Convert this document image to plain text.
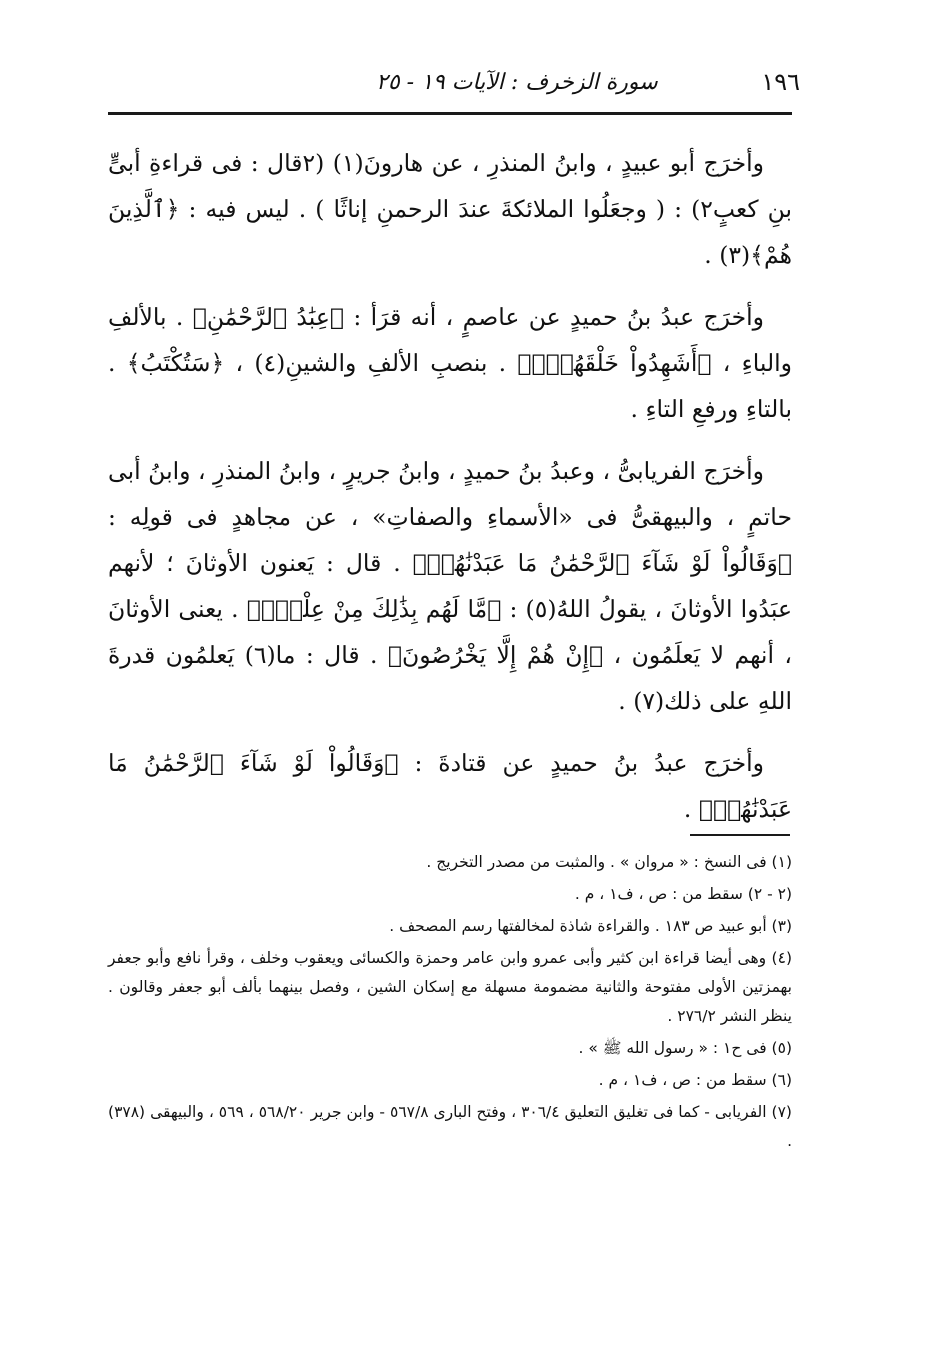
١٩٦
سورة الزخرف : الآيات ١٩ - ٢٥

وأخرَج أبو عبيدٍ ، وابنُ المنذرِ ، عن هارونَ(١) (٢قال : فى قراءةِ أبىٍّ بنِ كعبٍ٢) : ( وجعَلُوا الملائكةَ عندَ الرحمنِ إناثًا ) . ليس فيه : ﴿ٱلَّذِينَ هُمْ﴾(٣) .

وأخرَج عبدُ بنُ حميدٍ عن عاصمٍ ، أنه قرَأ : ﴿عِبَٰدُ ٱلرَّحْمَٰنِ﴾ . بالألفِ والباءِ ، ﴿أَشَهِدُواْ خَلْقَهُمْۚ﴾ . بنصبِ الألفِ والشينِ(٤) ، ﴿سَتُكْتَبُ﴾ . بالتاءِ ورفعِ التاءِ .

وأخرَج الفريابىُّ ، وعبدُ بنُ حميدٍ ، وابنُ جريرٍ ، وابنُ المنذرِ ، وابنُ أبى حاتمٍ ، والبيهقىُّ فى «الأسماءِ والصفاتِ» ، عن مجاهدٍ فى قولِه : ﴿وَقَالُواْ لَوْ شَآءَ ٱلرَّحْمَٰنُ مَا عَبَدْنَٰهُمۗ﴾ . قال : يَعنون الأوثانَ ؛ لأنهم عبَدُوا الأوثانَ ، يقولُ اللهُ(٥) : ﴿مَّا لَهُم بِذَٰلِكَ مِنْ عِلْمٍۖ﴾ . يعنى الأوثانَ ، أنهم لا يَعلَمُون ، ﴿إِنْ هُمْ إِلَّا يَخْرُصُونَ﴾ . قال : ما(٦) يَعلمُون قدرةَ اللهِ على ذلك(٧) .

وأخرَج عبدُ بنُ حميدٍ عن قتادةَ : ﴿وَقَالُواْ لَوْ شَآءَ ٱلرَّحْمَٰنُ مَا عَبَدْنَٰهُمۗ﴾ .

(١) فى النسخ : « مروان » . والمثبت من مصدر التخريج .

(٢ - ٢) سقط من : ص ، ف١ ، م .

(٣) أبو عبيد ص ١٨٣ . والقراءة شاذة لمخالفتها رسم المصحف .

(٤) وهى أيضا قراءة ابن كثير وأبى عمرو وابن عامر وحمزة والكسائى ويعقوب وخلف ، وقرأ نافع وأبو جعفر بهمزتين الأولى مفتوحة والثانية مضمومة مسهلة مع إسكان الشين ، وفصل بينهما بألف أبو جعفر وقالون . ينظر النشر ٢٧٦/٢ .

(٥) فى ح١ : « رسول الله ﷺ » .

(٦) سقط من : ص ، ف١ ، م .

(٧) الفريابى - كما فى تغليق التعليق ٣٠٦/٤ ، وفتح البارى ٥٦٧/٨ - وابن جرير ٥٦٨/٢٠ ، ٥٦٩ ، والبيهقى (٣٧٨) .
